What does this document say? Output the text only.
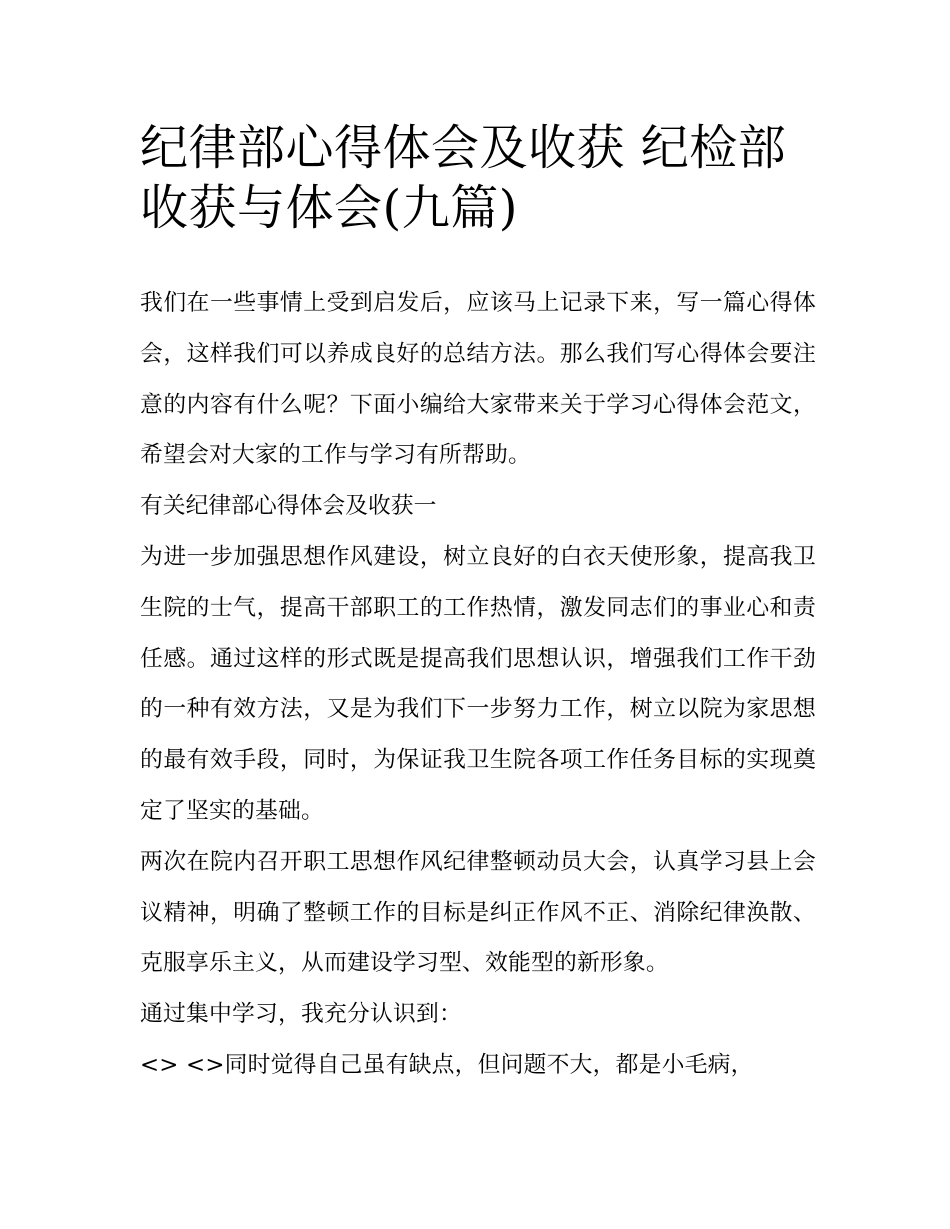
纪律部心得体会及收获 纪检部收获与体会(九篇)

我们在一些事情上受到启发后，应该马上记录下来，写一篇心得体会，这样我们可以养成良好的总结方法。那么我们写心得体会要注意的内容有什么呢？下面小编给大家带来关于学习心得体会范文，希望会对大家的工作与学习有所帮助。

有关纪律部心得体会及收获一

为进一步加强思想作风建设，树立良好的白衣天使形象，提高我卫生院的士气，提高干部职工的工作热情，激发同志们的事业心和责任感。通过这样的形式既是提高我们思想认识，增强我们工作干劲的一种有效方法，又是为我们下一步努力工作，树立以院为家思想的最有效手段，同时，为保证我卫生院各项工作任务目标的实现奠定了坚实的基础。

两次在院内召开职工思想作风纪律整顿动员大会，认真学习县上会议精神，明确了整顿工作的目标是纠正作风不正、消除纪律涣散、克服享乐主义，从而建设学习型、效能型的新形象。

通过集中学习，我充分认识到：

<> <>同时觉得自己虽有缺点，但问题不大，都是小毛病，
